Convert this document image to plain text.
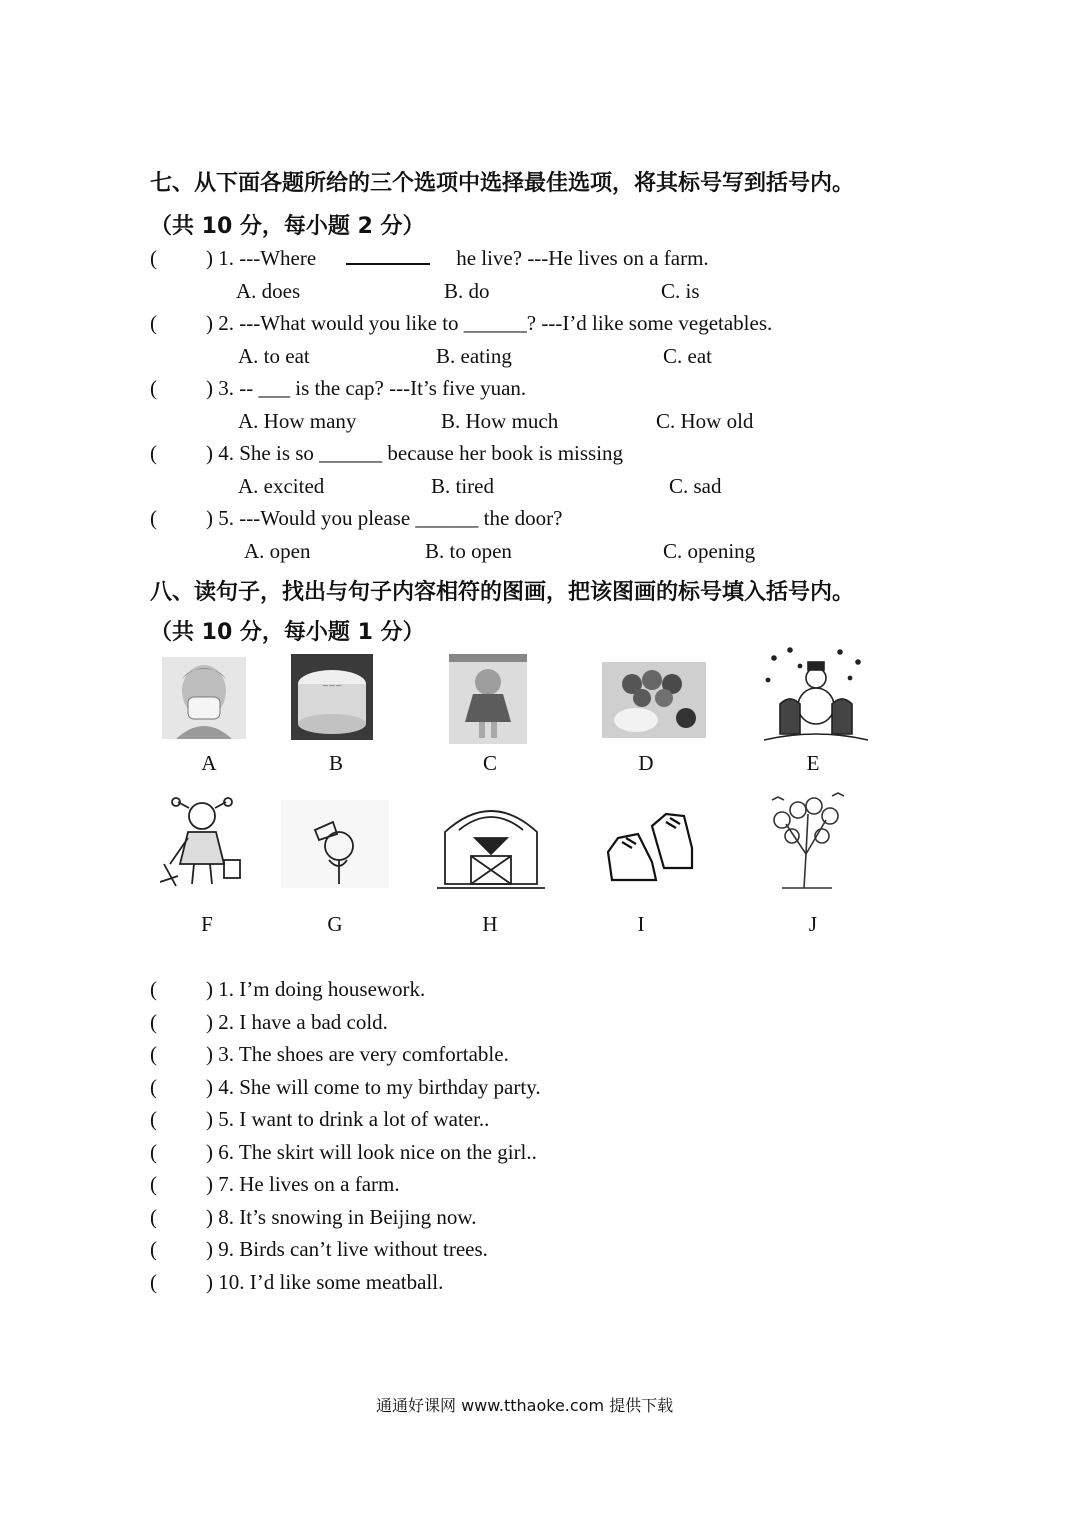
七、从下面各题所给的三个选项中选择最佳选项，将其标号写到括号内。
（共 10 分，每小题 2 分）
( ) 1. ---Where	he live? ---He lives on a farm.
A. does	B. do	C. is
( ) 2. ---What would you like to ______? ---I’d like some vegetables.
A. to eat	B. eating	C. eat
( ) 3. -- ___ is the cap? ---It’s five yuan.
A. How many	B. How much	C. How old
( ) 4. She is so ______ because her book is missing
A. excited	B. tired	C. sad
( ) 5. ---Would you please ______ the door?
A. open	B. to open	C. opening
八、读句子，找出与句子内容相符的图画，把该图画的标号填入括号内。
（共 10 分，每小题 1 分）
~~~
A	B	C	D	E
F	G	H	I	J
( ) 1. I’m doing housework.
( ) 2. I have a bad cold.
( ) 3. The shoes are very comfortable.
( ) 4. She will come to my birthday party.
( ) 5. I want to drink a lot of water..
( ) 6. The skirt will look nice on the girl..
( ) 7. He lives on a farm.
( ) 8. It’s snowing in Beijing now.
( ) 9. Birds can’t live without trees.
( ) 10. I’d like some meatball.
通通好课网 www.tthaoke.com 提供下载
